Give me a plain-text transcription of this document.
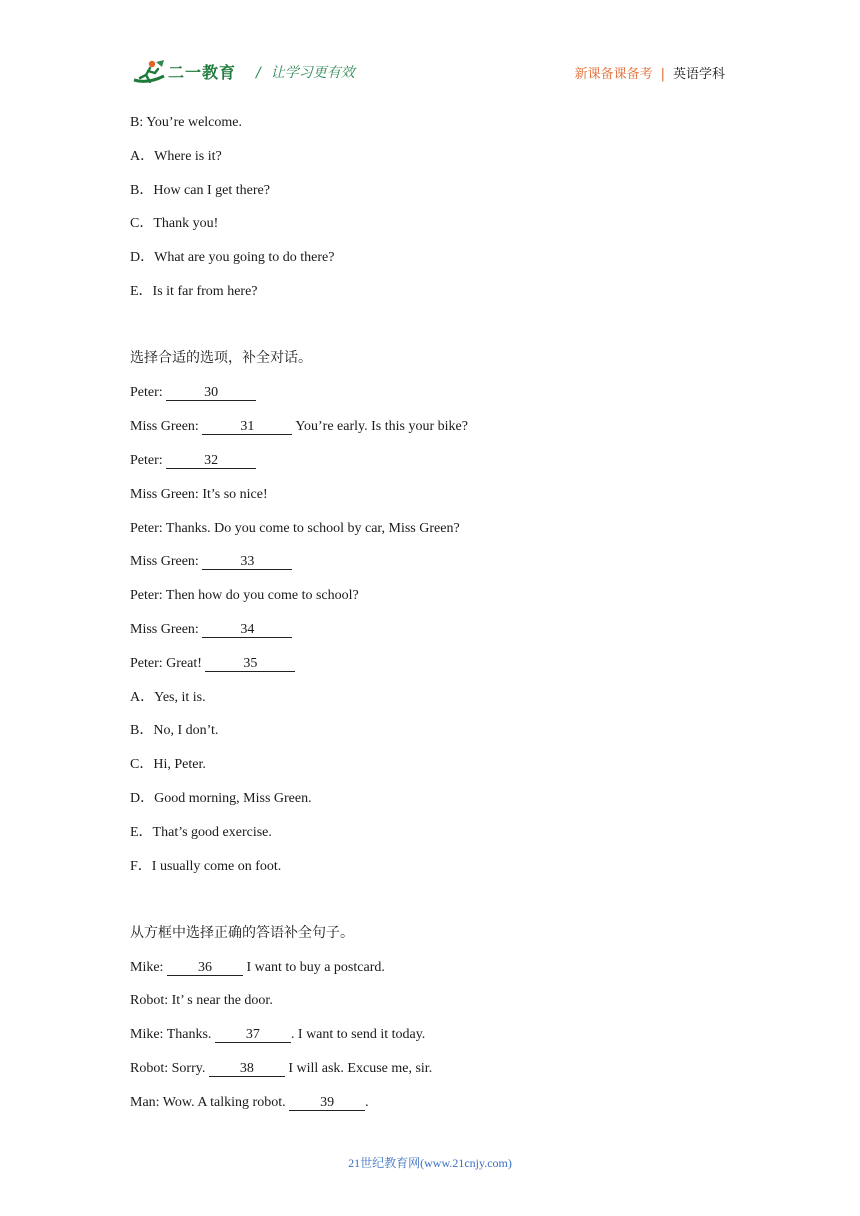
二一教育 / 让学习更有效	新课备课备考 | 英语学科
B: You’re welcome.
A．Where is it?
B．How can I get there?
C．Thank you!
D．What are you going to do there?
E．Is it far from here?
选择合适的选项，补全对话。
Peter:	30
Miss Green:	31	You’re early. Is this your bike?
Peter:	32
Miss Green: It’s so nice!
Peter: Thanks. Do you come to school by car, Miss Green?
Miss Green:	33
Peter: Then how do you come to school?
Miss Green:	34
Peter: Great!	35
A．Yes, it is.
B．No, I don’t.
C．Hi, Peter.
D．Good morning, Miss Green.
E．That’s good exercise.
F．I usually come on foot.
从方框中选择正确的答语补全句子。
Mike: 36 I want to buy a postcard.
Robot: It’ s near the door.
Mike: Thanks. 37 . I want to send it today.
Robot: Sorry. 38 I will ask. Excuse me, sir.
Man: Wow. A talking robot. 39 .
21世纪教育网(www.21cnjy.com)
